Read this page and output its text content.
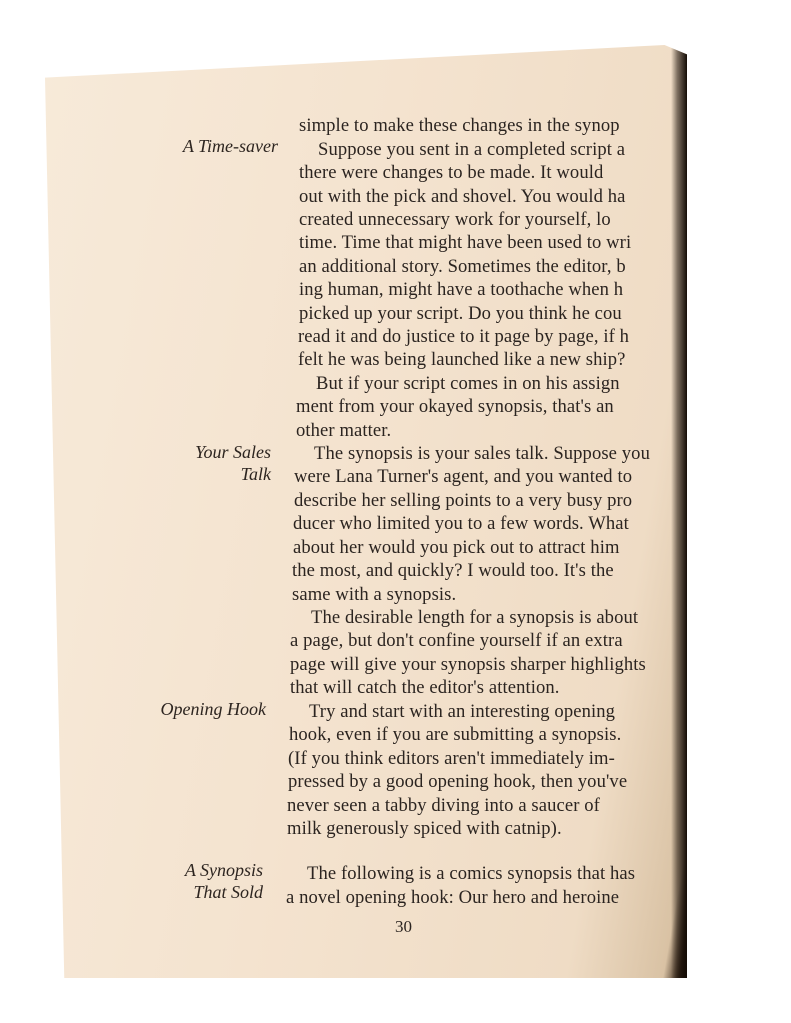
A Time-saver
Your Sales
Talk
Opening Hook
A Synopsis
That Sold
simple to make these changes in the synop
Suppose you sent in a completed script a
there were changes to be made. It would
out with the pick and shovel. You would ha
created unnecessary work for yourself, lo
time. Time that might have been used to wri
an additional story. Sometimes the editor, b
ing human, might have a toothache when h
picked up your script. Do you think he cou
read it and do justice to it page by page, if h
felt he was being launched like a new ship?
But if your script comes in on his assign
ment from your okayed synopsis, that's an
other matter.
The synopsis is your sales talk. Suppose you
were Lana Turner's agent, and you wanted to
describe her selling points to a very busy pro
ducer who limited you to a few words. What
about her would you pick out to attract him
the most, and quickly? I would too. It's the
same with a synopsis.
The desirable length for a synopsis is about
a page, but don't confine yourself if an extra
page will give your synopsis sharper highlights
that will catch the editor's attention.
Try and start with an interesting opening
hook, even if you are submitting a synopsis.
(If you think editors aren't immediately im-
pressed by a good opening hook, then you've
never seen a tabby diving into a saucer of
milk generously spiced with catnip).
The following is a comics synopsis that has
a novel opening hook: Our hero and heroine
30
